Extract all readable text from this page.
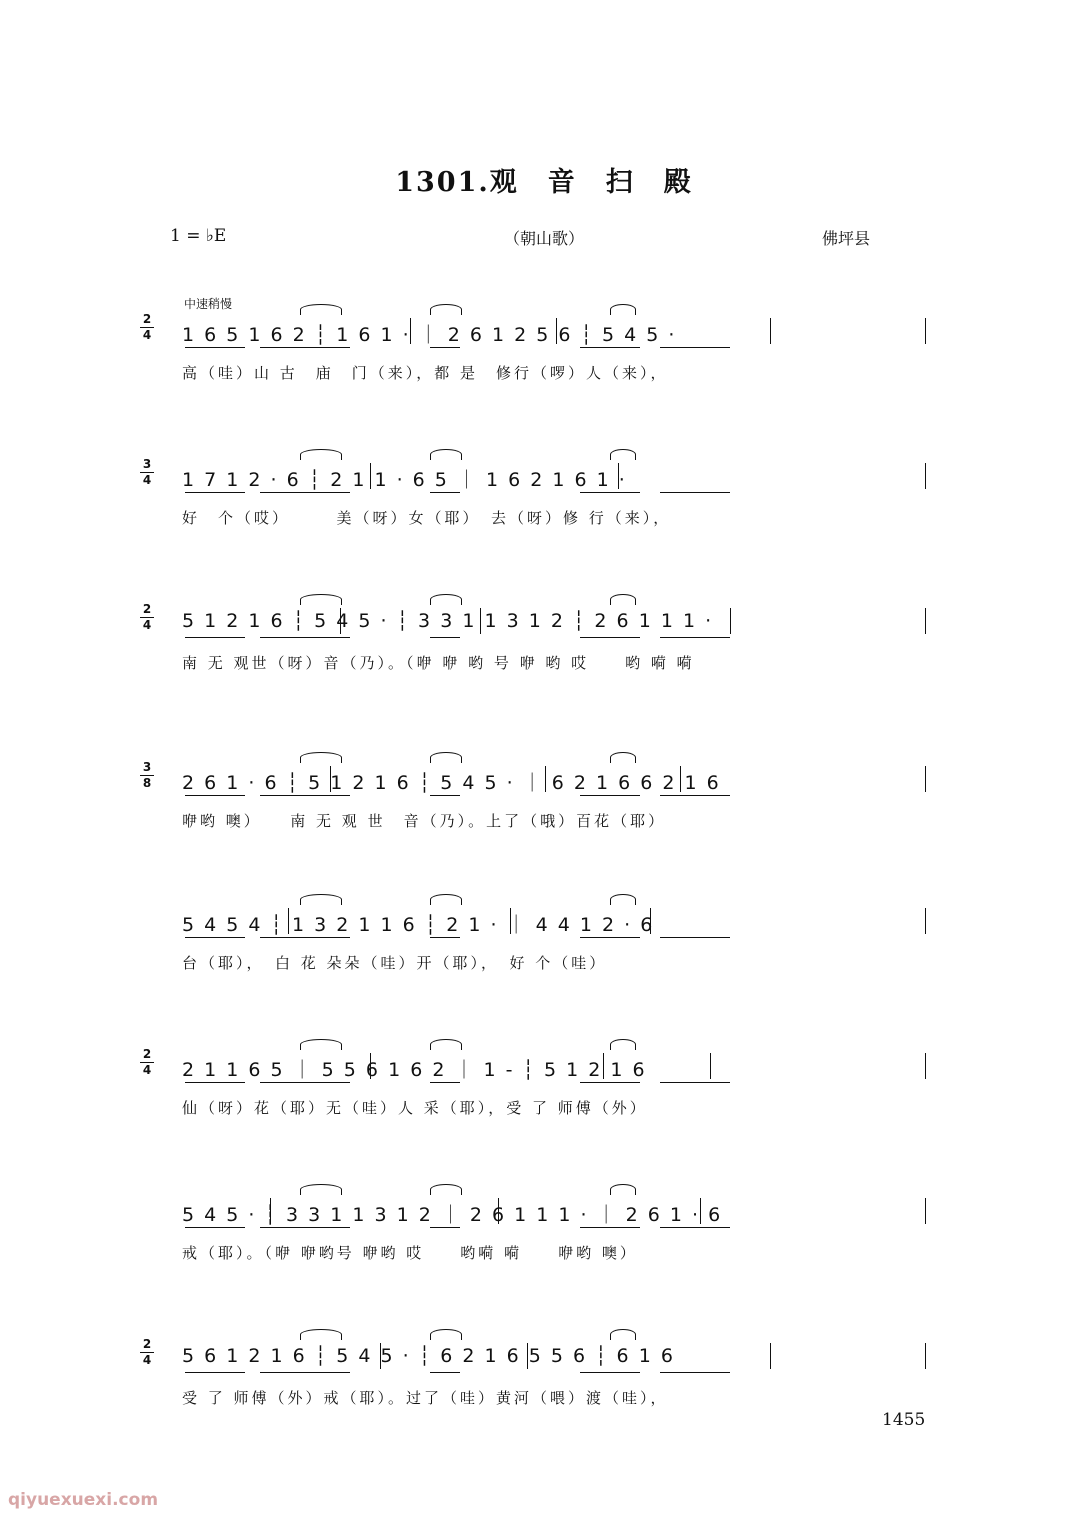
1301.观　音　扫　殿
1 = ♭E	（朝山歌）	佛坪县
中速稍慢
2
4 1 6 5 1 6 2 ┆ 1 6 1 · ｜ 2 6 1 2 5 6 ┆ 5 4 5 ·
高（哇）山 古　庙　门（来），都 是　修行（啰）人（来），
3
4 1 7 1 2 · 6 ┆ 2 1 1 · 6 5 ｜ 1 6 2 1 6 1 ·
好　个（哎）　　　美（呀）女（耶）　去（呀）修 行（来），
2
4 5 1 2 1 6 ┆ 5 4 5 · ┆ 3 3 1 1 3 1 2 ┆ 2 6 1 1 1 ·
南 无 观世（呀）音（乃）。（咿 咿 哟 号 咿 哟 哎　　哟 嗬 嗬
3
8 2 6 1 · 6 ┆ 5 1 2 1 6 ┆ 5 4 5 · ｜ 6 2 1 6 6 2 1 6
咿哟 噢）　　南 无 观 世　音（乃）。上了（哦）百花（耶）
5 4 5 4 ┆ 1 3 2 1 1 6 ┆ 2 1 · ｜ 4 4 1 2 · 6
台（耶），　白 花 朵朵（哇）开（耶），　好 个（哇）
2
4 2 1 1 6 5 ｜ 5 5 6 1 6 2 ｜ 1 - ┆ 5 1 2 1 6
仙（呀）花（耶）无（哇）人 采（耶），受 了 师傅（外）
5 4 5 · ┆ 3 3 1 1 3 1 2 ｜ 2 6 1 1 1 · ｜ 2 6 1 · 6
戒（耶）。（咿 咿哟号 咿哟 哎　　哟嗬 嗬　　咿哟 噢）
2
4 5 6 1 2 1 6 ┆ 5 4 5 · ┆ 6 2 1 6 5 5 6 ┆ 6 1 6
受 了 师傅（外）戒（耶）。过了（哇）黄河（喂）渡（哇），
1455
qiyuexuexi.com
